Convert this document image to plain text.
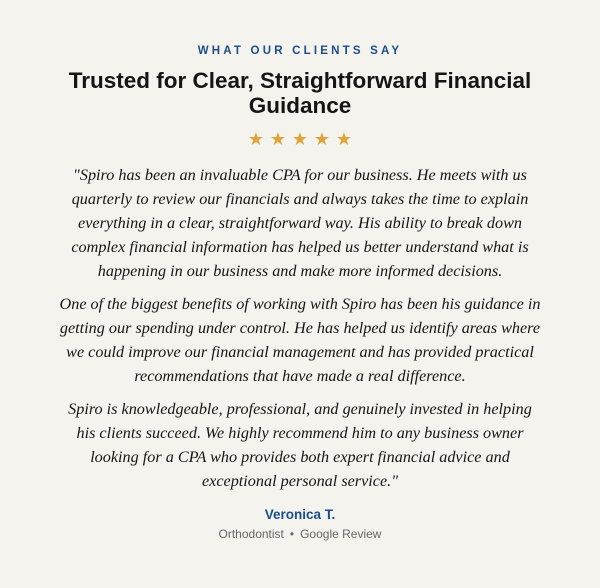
WHAT OUR CLIENTS SAY

Trusted for Clear, Straightforward Financial Guidance
★ ★ ★ ★ ★

"Spiro has been an invaluable CPA for our business. He meets with us quarterly to review our financials and always takes the time to explain everything in a clear, straightforward way. His ability to break down complex financial information has helped us better understand what is happening in our business and make more informed decisions.

One of the biggest benefits of working with Spiro has been his guidance in getting our spending under control. He has helped us identify areas where we could improve our financial management and has provided practical recommendations that have made a real difference.

Spiro is knowledgeable, professional, and genuinely invested in helping his clients succeed. We highly recommend him to any business owner looking for a CPA who provides both expert financial advice and exceptional personal service."

Veronica T.
Orthodontist • Google Review
